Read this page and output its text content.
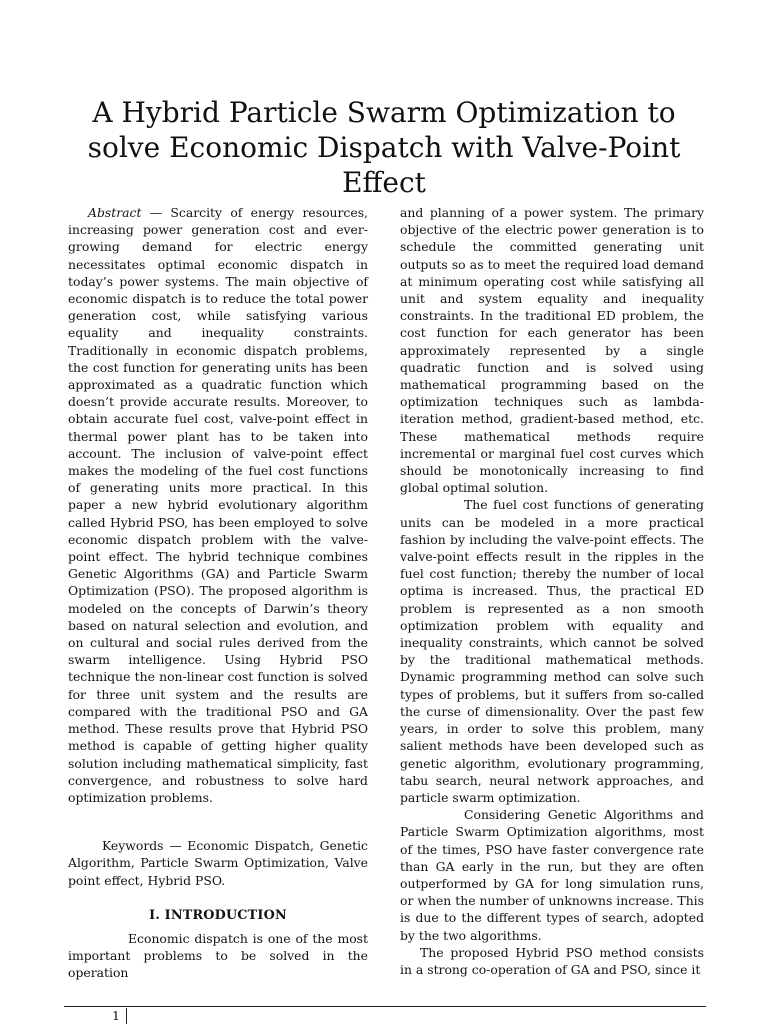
A Hybrid Particle Swarm Optimization to solve Economic Dispatch with Valve-Point Effect

Abstract — Scarcity of energy resources, increasing power generation cost and ever-growing demand for electric energy necessitates optimal economic dispatch in today’s power systems. The main objective of economic dispatch is to reduce the total power generation cost, while satisfying various equality and inequality constraints. Traditionally in economic dispatch problems, the cost function for generating units has been approximated as a quadratic function which doesn’t provide accurate results. Moreover, to obtain accurate fuel cost, valve-point effect in thermal power plant has to be taken into account. The inclusion of valve-point effect makes the modeling of the fuel cost functions of generating units more practical. In this paper a new hybrid evolutionary algorithm called Hybrid PSO, has been employed to solve economic dispatch problem with the valve-point effect. The hybrid technique combines Genetic Algorithms (GA) and Particle Swarm Optimization (PSO). The proposed algorithm is modeled on the concepts of Darwin’s theory based on natural selection and evolution, and on cultural and social rules derived from the swarm intelligence. Using Hybrid PSO technique the non-linear cost function is solved for three unit system and the results are compared with the traditional PSO and GA method. These results prove that Hybrid PSO method is capable of getting higher quality solution including mathematical simplicity, fast convergence, and robustness to solve hard optimization problems.

Keywords — Economic Dispatch, Genetic Algorithm, Particle Swarm Optimization, Valve point effect, Hybrid PSO.

I. INTRODUCTION

Economic dispatch is one of the most important problems to be solved in the operation

and planning of a power system. The primary objective of the electric power generation is to schedule the committed generating unit outputs so as to meet the required load demand at minimum operating cost while satisfying all unit and system equality and inequality constraints. In the traditional ED problem, the cost function for each generator has been approximately represented by a single quadratic function and is solved using mathematical programming based on the optimization techniques such as lambda-iteration method, gradient-based method, etc. These mathematical methods require incremental or marginal fuel cost curves which should be monotonically increasing to find global optimal solution.

The fuel cost functions of generating units can be modeled in a more practical fashion by including the valve-point effects. The valve-point effects result in the ripples in the fuel cost function; thereby the number of local optima is increased. Thus, the practical ED problem is represented as a non smooth optimization problem with equality and inequality constraints, which cannot be solved by the traditional mathematical methods. Dynamic programming method can solve such types of problems, but it suffers from so-called the curse of dimensionality. Over the past few years, in order to solve this problem, many salient methods have been developed such as genetic algorithm, evolutionary programming, tabu search, neural network approaches, and particle swarm optimization.

Considering Genetic Algorithms and Particle Swarm Optimization algorithms, most of the times, PSO have faster convergence rate than GA early in the run, but they are often outperformed by GA for long simulation runs, or when the number of unknowns increase. This is due to the different types of search, adopted by the two algorithms.

The proposed Hybrid PSO method consists in a strong co-operation of GA and PSO, since it

1
